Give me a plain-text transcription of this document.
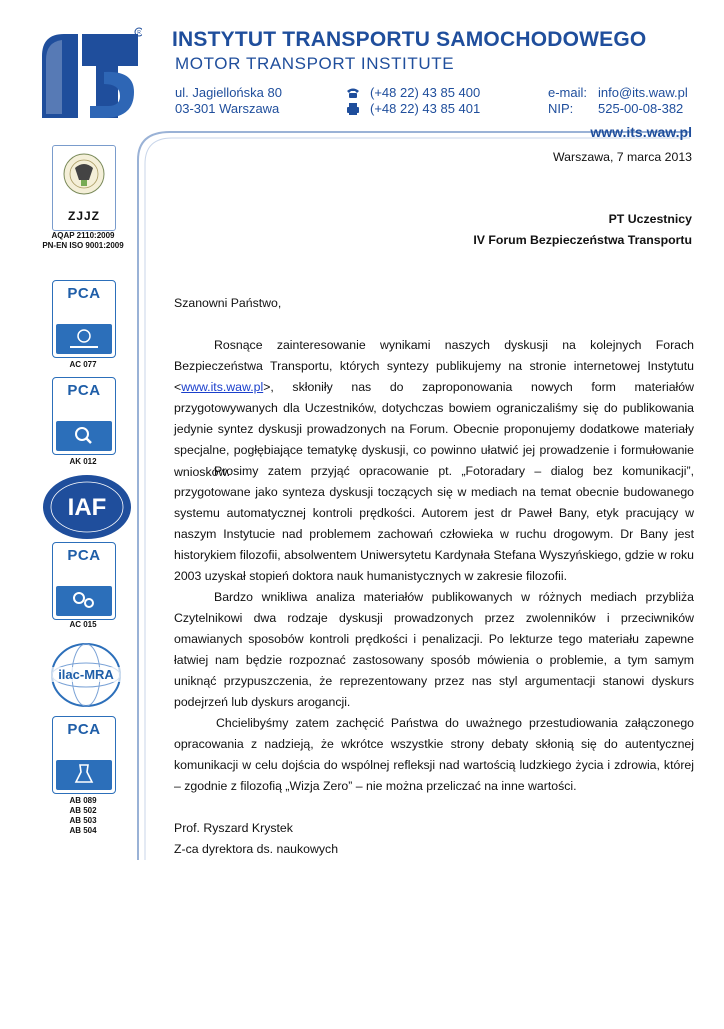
R INSTYTUT TRANSPORTU SAMOCHODOWEGO
MOTOR TRANSPORT INSTITUTE
ul. Jagiellońska 80
03-301 Warszawa
(+48 22) 43 85 400
(+48 22) 43 85 401
e-mail: info@its.waw.pl
NIP: 525-00-08-382
www.its.waw.pl
ZJJZ
AQAP 2110:2009
PN-EN ISO 9001:2009
PCA
AC 077
PCA
AK 012
IAF
PCA
AC 015
ilac-MRA
PCA
AB 089
AB 502
AB 503
AB 504
Warszawa, 7 marca 2013
PT Uczestnicy
IV Forum Bezpieczeństwa Transportu
Szanowni Państwo,
Rosnące zainteresowanie wynikami naszych dyskusji na kolejnych Forach Bezpieczeństwa Transportu, których syntezy publikujemy na stronie internetowej Instytutu <www.its.waw.pl>, skłoniły nas do zaproponowania nowych form materiałów przygotowywanych dla Uczestników, dotychczas bowiem ograniczaliśmy się do publikowania jedynie syntez dyskusji prowadzonych na Forum. Obecnie proponujemy dodatkowe materiały specjalne, pogłębiające tematykę dyskusji, co powinno ułatwić jej prowadzenie i formułowanie wniosków.
Prosimy zatem przyjąć opracowanie pt. „Fotoradary – dialog bez komunikacji”, przygotowane jako synteza dyskusji toczących się w mediach na temat obecnie budowanego systemu automatycznej kontroli prędkości. Autorem jest dr Paweł Bany, etyk pracujący w naszym Instytucie nad problemem zachowań człowieka w ruchu drogowym. Dr Bany jest historykiem filozofii, absolwentem Uniwersytetu Kardynała Stefana Wyszyńskiego, gdzie w roku 2003 uzyskał stopień doktora nauk humanistycznych w zakresie filozofii.
Bardzo wnikliwa analiza materiałów publikowanych w różnych mediach przybliża Czytelnikowi dwa rodzaje dyskusji prowadzonych przez zwolenników i przeciwników omawianych sposobów kontroli prędkości i penalizacji. Po lekturze tego materiału zapewne łatwiej nam będzie rozpoznać zastosowany sposób mówienia o problemie, a tym samym uniknąć przypuszczenia, że reprezentowany przez nas styl argumentacji stanowi dyskurs podejrzeń lub dyskurs arogancji.
Chcielibyśmy zatem zachęcić Państwa do uważnego przestudiowania załączonego opracowania z nadzieją, że wkrótce wszystkie strony debaty skłonią się do autentycznej komunikacji w celu dojścia do wspólnej refleksji nad wartością ludzkiego życia i zdrowia, której – zgodnie z filozofią „Wizja Zero” – nie można przeliczać na inne wartości.
Prof. Ryszard Krystek
Z-ca dyrektora ds. naukowych
